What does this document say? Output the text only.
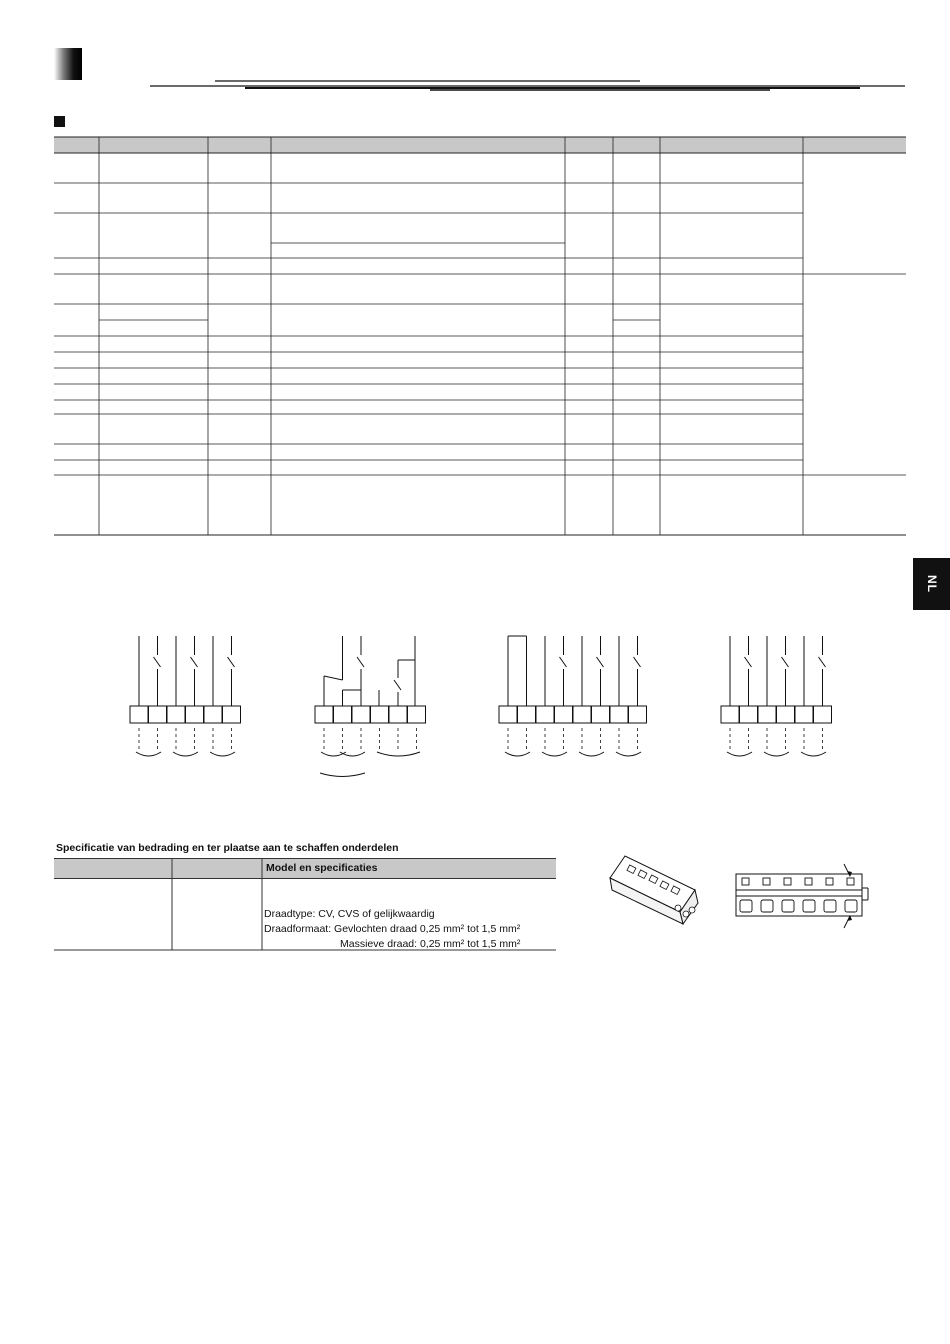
NL
Specificatie van bedrading en ter plaatse aan te schaffen onderdelen
Model en specificaties
Draadtype: CV, CVS of gelijkwaardig
Draadformaat: Gevlochten draad 0,25 mm² tot 1,5 mm²
Massieve draad: 0,25 mm² tot 1,5 mm²
